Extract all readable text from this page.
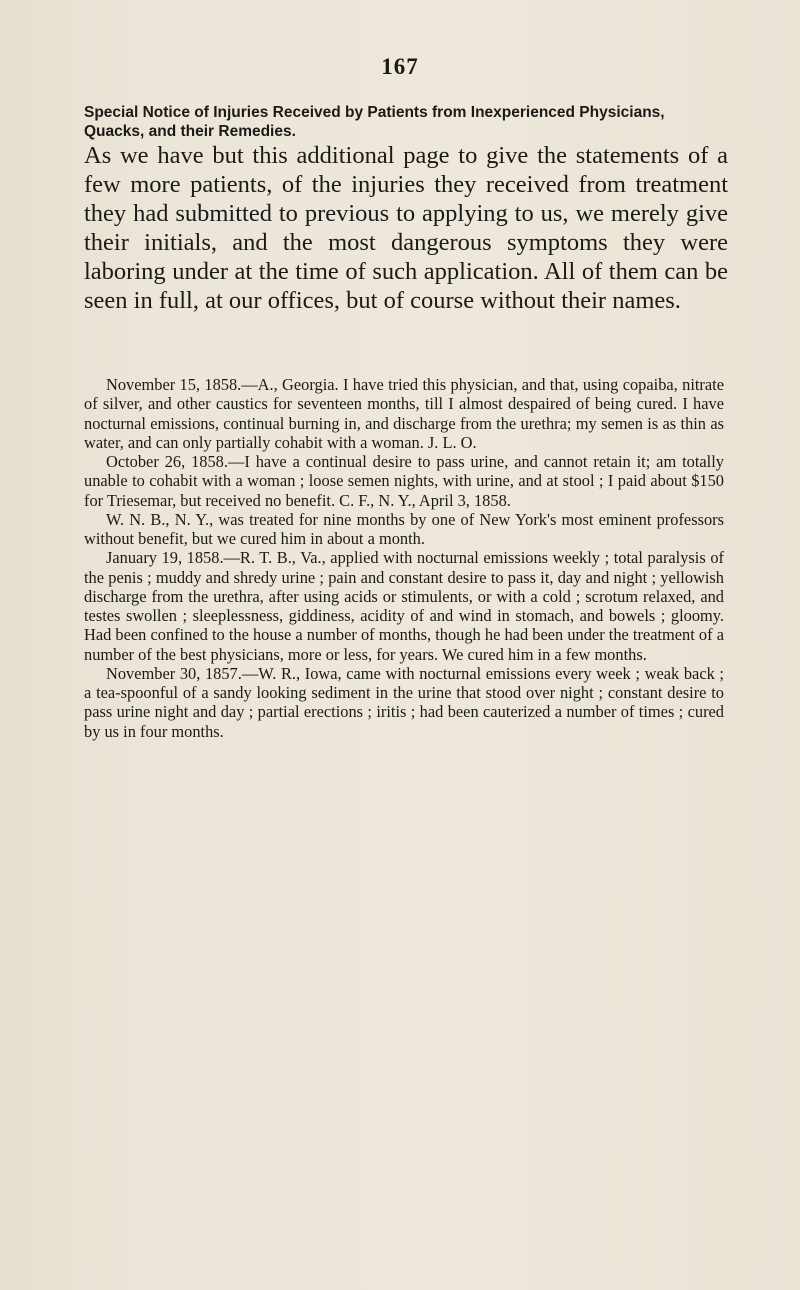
167
Special Notice of Injuries Received by Patients from Inexperienced Physicians, Quacks, and their Remedies.
As we have but this additional page to give the statements of a few more patients, of the injuries they received from treatment they had submitted to previous to applying to us, we merely give their initials, and the most dangerous symptoms they were laboring under at the time of such application. All of them can be seen in full, at our offices, but of course without their names.

November 15, 1858.—A., Georgia. I have tried this physician, and that, using copaiba, nitrate of silver, and other caustics for seventeen months, till I almost despaired of being cured. I have nocturnal emissions, continual burning in, and discharge from the urethra; my semen is as thin as water, and can only partially cohabit with a woman. J. L. O.

October 26, 1858.—I have a continual desire to pass urine, and cannot retain it; am totally unable to cohabit with a woman ; loose semen nights, with urine, and at stool ; I paid about $150 for Triesemar, but received no benefit. C. F., N. Y., April 3, 1858.

W. N. B., N. Y., was treated for nine months by one of New York's most eminent professors without benefit, but we cured him in about a month.

January 19, 1858.—R. T. B., Va., applied with nocturnal emissions weekly ; total paralysis of the penis ; muddy and shredy urine ; pain and constant desire to pass it, day and night ; yellowish discharge from the urethra, after using acids or stimulents, or with a cold ; scrotum relaxed, and testes swollen ; sleeplessness, giddiness, acidity of and wind in stomach, and bowels ; gloomy. Had been confined to the house a number of months, though he had been under the treatment of a number of the best physicians, more or less, for years. We cured him in a few months.

November 30, 1857.—W. R., Iowa, came with nocturnal emissions every week ; weak back ; a tea-spoonful of a sandy looking sediment in the urine that stood over night ; constant desire to pass urine night and day ; partial erections ; iritis ; had been cauterized a number of times ; cured by us in four months.
